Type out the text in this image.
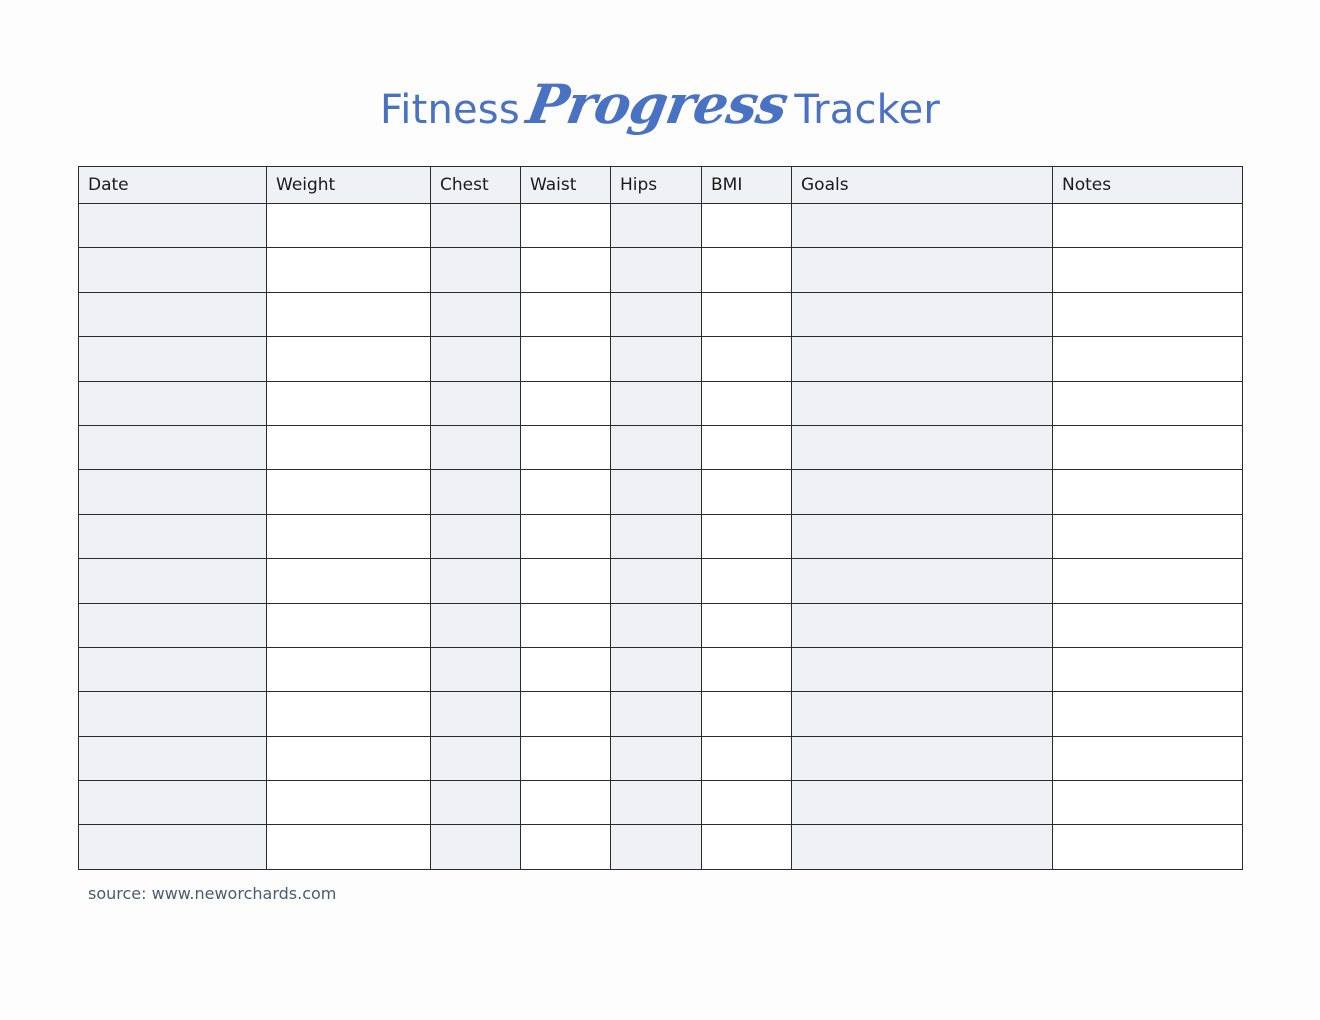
Fitness Progress Tracker
Date	Weight	Chest	Waist	Hips	BMI	Goals	Notes

source: www.neworchards.com
